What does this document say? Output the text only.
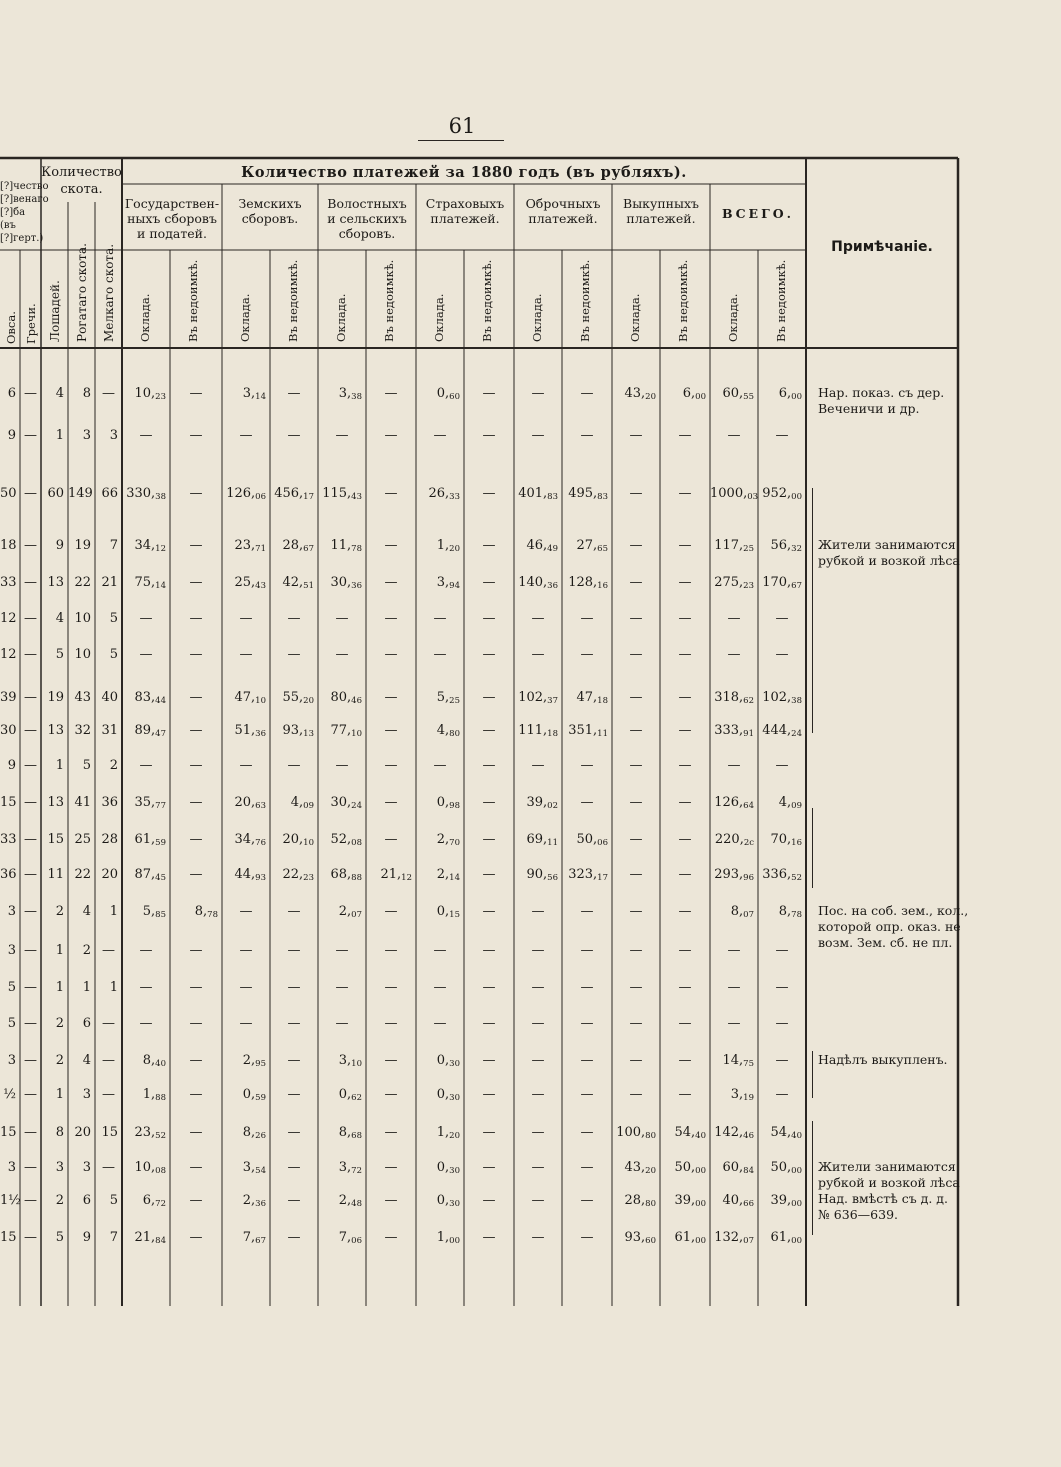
61
[?]чество
[?]венаго
[?]ба (въ
[?]герт.)
Овса. Гречи.
Количество
скота.
Лошадей. Рогатаго скота. Мелкаго скота.
Количество платежей за 1880 годъ (въ рубляхъ).
Государствен-
ныхъ сборовъ
и податей.
Оклада.	Въ недоимкѣ.
Земскихъ
сборовъ.
Оклада.	Въ недоимкѣ.
Волостныхъ
и сельскихъ
сборовъ.
Оклада.	Въ недоимкѣ.
Страховыхъ
платежей.
Оклада.	Въ недоимкѣ.
Оброчныхъ
платежей.
Оклада.	Въ недоимкѣ.
Выкупныхъ
платежей.
Оклада.	Въ недоимкѣ.
ВСЕГО.
Оклада.	Въ недоимкѣ.
Примѣчаніе.
6 —	4	8 —	10,23	—	3,14	—	3,38	—	0,60	—	—	—	43,20	6,00	60,55	6,00
9 —	1	3	3	—	—	—	—	—	—	—	—	—	—	—	—	—	—
50 — 60 149 66 330,38	—	126,06 456,17 115,43	—	26,33	—	401,83 495,83	—	—	1000,03 952,00
18 —	9 19	7	34,12	—	23,71	28,67	11,78	—	1,20	—	46,49	27,65	—	—	117,25	56,32
33 — 13 22 21	75,14	—	25,43	42,51	30,36	—	3,94	—	140,36 128,16	—	—	275,23 170,67
12 —	4 10	5	—	—	—	—	—	—	—	—	—	—	—	—	—	—
12 —	5 10	5	—	—	—	—	—	—	—	—	—	—	—	—	—	—
39 — 19 43 40	83,44	—	47,10	55,20	80,46	—	5,25	—	102,37	47,18	—	—	318,62 102,38
30 — 13 32 31	89,47	—	51,36	93,13	77,10	—	4,80	—	111,18 351,11	—	—	333,91 444,24
9 —	1	5	2	—	—	—	—	—	—	—	—	—	—	—	—	—	—
15 — 13 41 36	35,77	—	20,63	4,09	30,24	—	0,98	—	39,02	—	—	—	126,64	4,09
33 — 15 25 28	61,59	—	34,76	20,10	52,08	—	2,70	—	69,11	50,06	—	—	220,2c	70,16
36 — 11 22 20	87,45	—	44,93	22,23	68,88	21,12	2,14	—	90,56 323,17	—	—	293,96 336,52
3 —	2	4	1	5,85	8,78	—	—	2,07	—	0,15	—	—	—	—	—	8,07	8,78
3 —	1	2 —	—	—	—	—	—	—	—	—	—	—	—	—	—	—
5 —	1	1	1	—	—	—	—	—	—	—	—	—	—	—	—	—	—
5 —	2	6 —	—	—	—	—	—	—	—	—	—	—	—	—	—	—
3 —	2	4 —	8,40	—	2,95	—	3,10	—	0,30	—	—	—	—	—	14,75	—
½ —	1	3 —	1,88	—	0,59	—	0,62	—	0,30	—	—	—	—	—	3,19	—
15 —	8 20 15	23,52	—	8,26	—	8,68	—	1,20	—	—	—	100,80	54,40 142,46	54,40
3 —	3	3 —	10,08	—	3,54	—	3,72	—	0,30	—	—	—	43,20	50,00	60,84	50,00
1½ —	2	6	5	6,72	—	2,36	—	2,48	—	0,30	—	—	—	28,80	39,00	40,66	39,00
15 —	5	9	7	21,84	—	7,67	—	7,06	—	1,00	—	—	—	93,60	61,00 132,07	61,00
Нар. показ. съ дер.
Веченичи и др.
Жители занимаются
рубкой и возкой лѣса
Пос. на соб. зем., кол.,
которой опр. оказ. не
возм. Зем. сб. не пл.
Надѣлъ выкупленъ.
Жители занимаются
рубкой и возкой лѣса
Над. вмѣстѣ съ д. д.
№ 636—639.
